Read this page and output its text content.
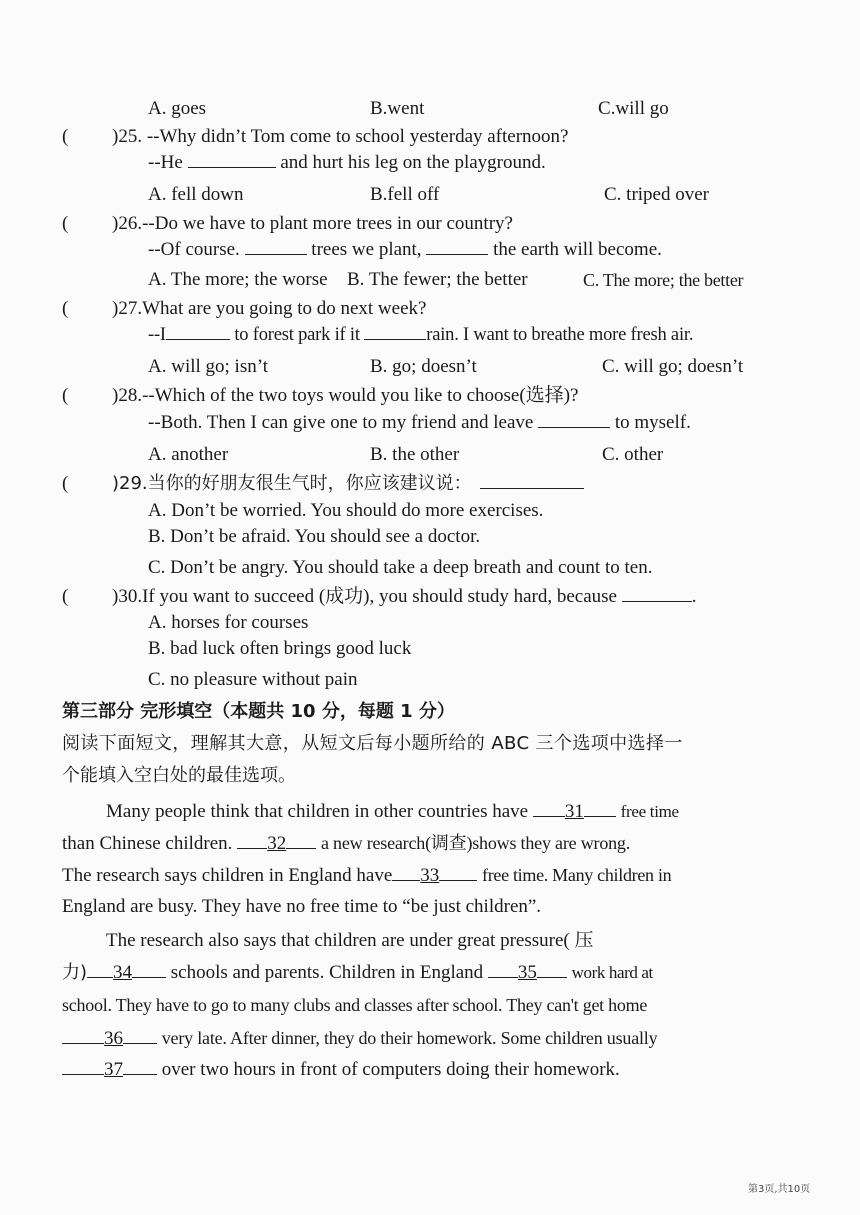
A. goes	B.went	C.will go
( )25. --Why didn’t Tom come to school yesterday afternoon?
--He	and hurt his leg on the playground.
A. fell down	B.fell off	C. triped over
( )26.--Do we have to plant more trees in our country?
--Of course.	trees we plant,	the earth will become.
A. The more; the worse B. The fewer; the better	C. The more; the better
( )27.What are you going to do next week?
--I	to forest park if it	rain. I want to breathe more fresh air.
A. will go; isn’t	B. go; doesn’t	C. will go; doesn’t
( )28.--Which of the two toys would you like to choose(选择)?
--Both. Then I can give one to my friend and leave	to myself.
A. another	B. the other	C. other
( )29.当你的好朋友很生气时，你应该建议说：
A. Don’t be worried. You should do more exercises.
B. Don’t be afraid. You should see a doctor.
C. Don’t be angry. You should take a deep breath and count to ten.
( )30.If you want to succeed (成功), you should study hard, because	.
A. horses for courses
B. bad luck often brings good luck
C. no pleasure without pain
第三部分 完形填空（本题共 10 分，每题 1 分）
阅读下面短文，理解其大意，从短文后每小题所给的 ABC 三个选项中选择一
个能填入空白处的最佳选项。
Many people think that children in other countries have 31 free time
than Chinese children. 32 a new research(调查)shows they are wrong.
The research says children in England have 33 free time. Many children in
England are busy. They have no free time to “be just children”.
The research also says that children are under great pressure( 压
力) 34 schools and parents. Children in England 35 work hard at
school. They have to go to many clubs and classes after school. They can't get home
36 very late. After dinner, they do their homework. Some children usually
37 over two hours in front of computers doing their homework.
第3页,共10页
